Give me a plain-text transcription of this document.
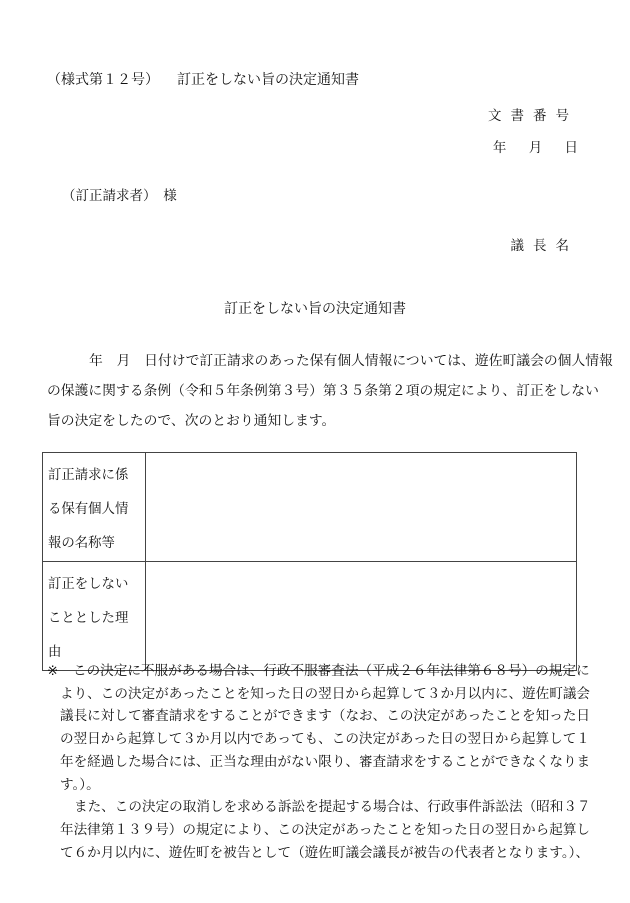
（様式第１２号） 訂正をしない旨の決定通知書
文書番号
年 月 日
（訂正請求者）　様
議長名
訂正をしない旨の決定通知書
年　月　日付けで訂正請求のあった保有個人情報については、遊佐町議会の個人情報
の保護に関する条例（令和５年条例第３号）第３５条第２項の規定により、訂正をしない
旨の決定をしたので、次のとおり通知します。
訂正請求に係
る保有個人情
報の名称等	

訂正をしない
こととした理
由	

※ この決定に不服がある場合は、行政不服審査法（平成２６年法律第６８号）の規定に
より、この決定があったことを知った日の翌日から起算して３か月以内に、遊佐町議会
議長に対して審査請求をすることができます（なお、この決定があったことを知った日
の翌日から起算して３か月以内であっても、この決定があった日の翌日から起算して１
年を経過した場合には、正当な理由がない限り、審査請求をすることができなくなりま
す。）。
また、この決定の取消しを求める訴訟を提起する場合は、行政事件訴訟法（昭和３７
年法律第１３９号）の規定により、この決定があったことを知った日の翌日から起算し
て６か月以内に、遊佐町を被告として（遊佐町議会議長が被告の代表者となります。）、
